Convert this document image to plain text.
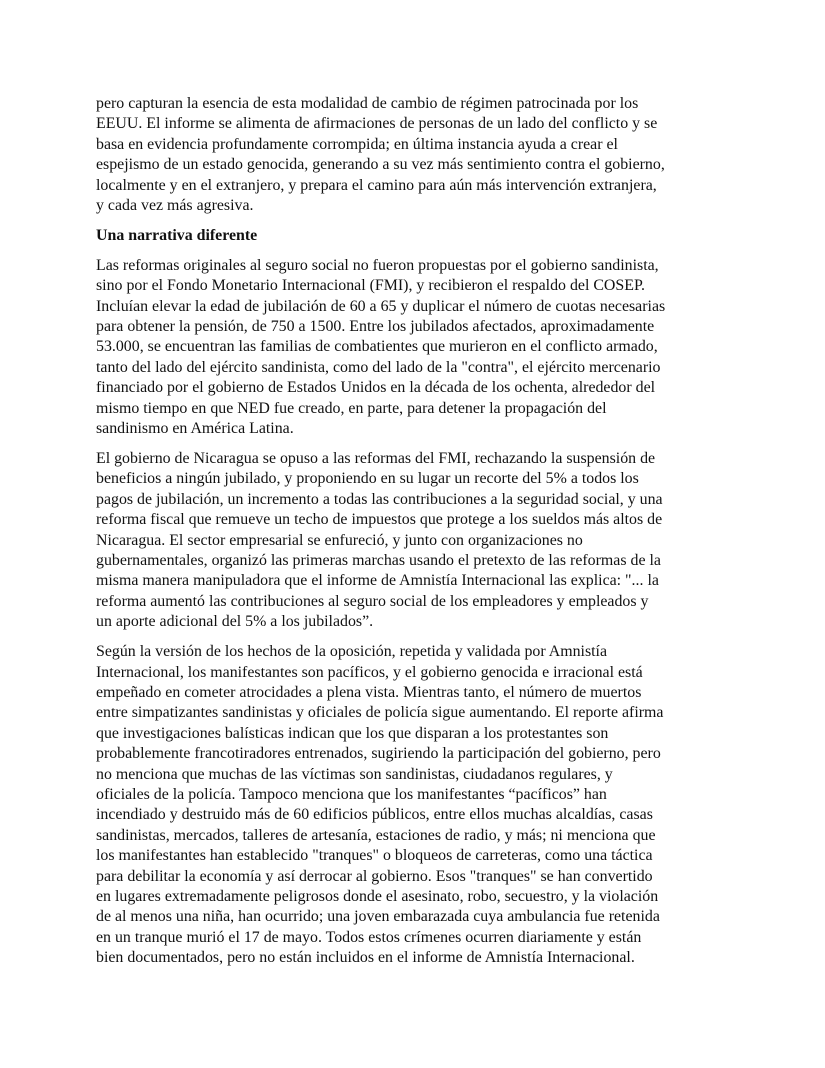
pero capturan la esencia de esta modalidad de cambio de régimen patrocinada por los
EEUU. El informe se alimenta de afirmaciones de personas de un lado del conflicto y se
basa en evidencia profundamente corrompida; en última instancia ayuda a crear el
espejismo de un estado genocida, generando a su vez más sentimiento contra el gobierno,
localmente y en el extranjero, y prepara el camino para aún más intervención extranjera,
y cada vez más agresiva.

Una narrativa diferente

Las reformas originales al seguro social no fueron propuestas por el gobierno sandinista,
sino por el Fondo Monetario Internacional (FMI), y recibieron el respaldo del COSEP.
Incluían elevar la edad de jubilación de 60 a 65 y duplicar el número de cuotas necesarias
para obtener la pensión, de 750 a 1500. Entre los jubilados afectados, aproximadamente
53.000, se encuentran las familias de combatientes que murieron en el conflicto armado,
tanto del lado del ejército sandinista, como del lado de la "contra", el ejército mercenario
financiado por el gobierno de Estados Unidos en la década de los ochenta, alrededor del
mismo tiempo en que NED fue creado, en parte, para detener la propagación del
sandinismo en América Latina.

El gobierno de Nicaragua se opuso a las reformas del FMI, rechazando la suspensión de
beneficios a ningún jubilado, y proponiendo en su lugar un recorte del 5% a todos los
pagos de jubilación, un incremento a todas las contribuciones a la seguridad social, y una
reforma fiscal que remueve un techo de impuestos que protege a los sueldos más altos de
Nicaragua. El sector empresarial se enfureció, y junto con organizaciones no
gubernamentales, organizó las primeras marchas usando el pretexto de las reformas de la
misma manera manipuladora que el informe de Amnistía Internacional las explica: "... la
reforma aumentó las contribuciones al seguro social de los empleadores y empleados y
un aporte adicional del 5% a los jubilados”.

Según la versión de los hechos de la oposición, repetida y validada por Amnistía
Internacional, los manifestantes son pacíficos, y el gobierno genocida e irracional está
empeñado en cometer atrocidades a plena vista. Mientras tanto, el número de muertos
entre simpatizantes sandinistas y oficiales de policía sigue aumentando. El reporte afirma
que investigaciones balísticas indican que los que disparan a los protestantes son
probablemente francotiradores entrenados, sugiriendo la participación del gobierno, pero
no menciona que muchas de las víctimas son sandinistas, ciudadanos regulares, y
oficiales de la policía. Tampoco menciona que los manifestantes “pacíficos” han
incendiado y destruido más de 60 edificios públicos, entre ellos muchas alcaldías, casas
sandinistas, mercados, talleres de artesanía, estaciones de radio, y más; ni menciona que
los manifestantes han establecido "tranques" o bloqueos de carreteras, como una táctica
para debilitar la economía y así derrocar al gobierno. Esos "tranques" se han convertido
en lugares extremadamente peligrosos donde el asesinato, robo, secuestro, y la violación
de al menos una niña, han ocurrido; una joven embarazada cuya ambulancia fue retenida
en un tranque murió el 17 de mayo. Todos estos crímenes ocurren diariamente y están
bien documentados, pero no están incluidos en el informe de Amnistía Internacional.
